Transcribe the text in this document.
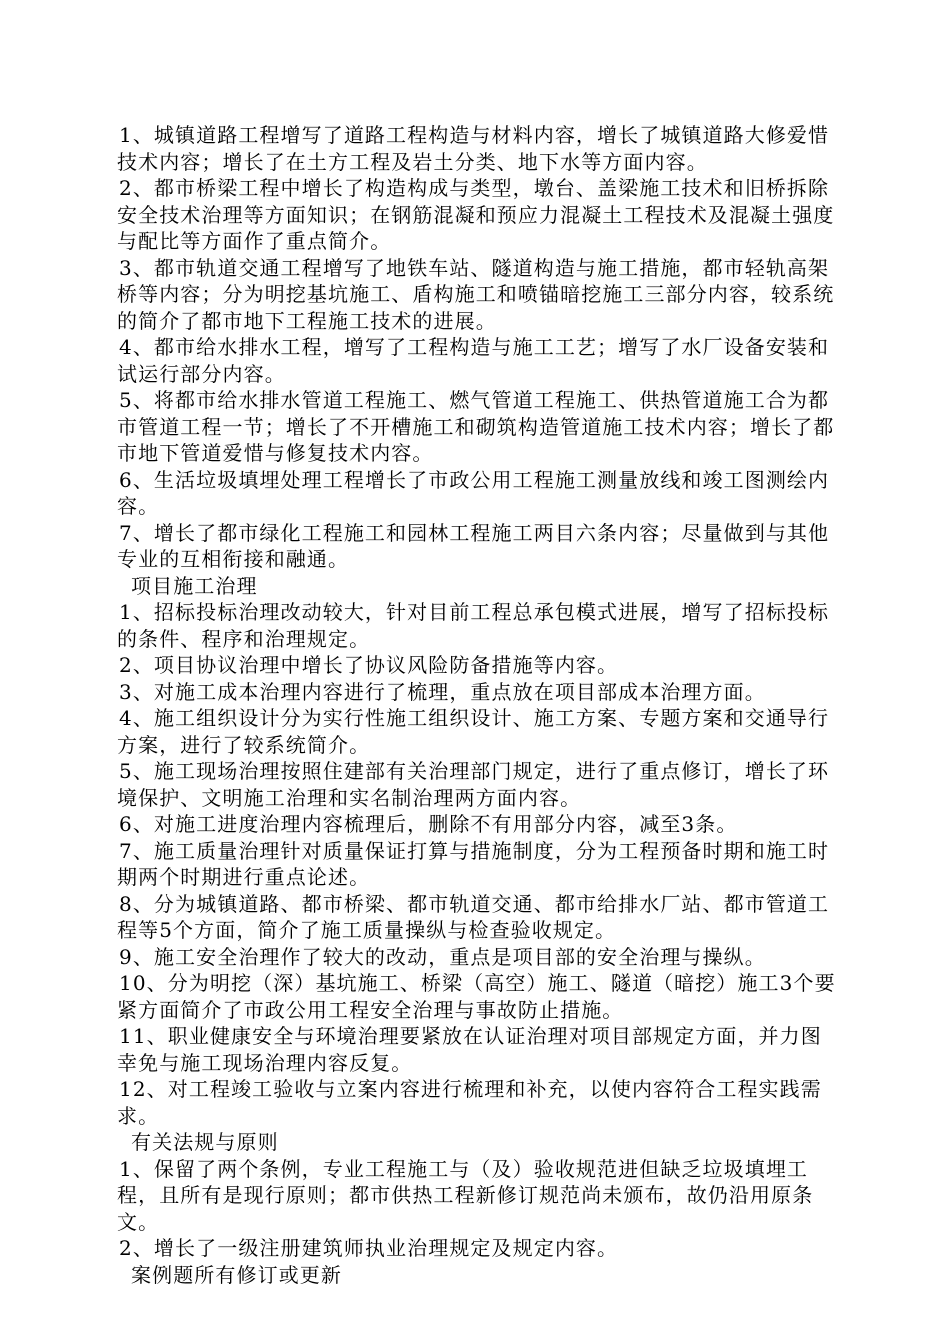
1、城镇道路工程增写了道路工程构造与材料内容，增长了城镇道路大修爱惜技术内容；增长了在土方工程及岩土分类、地下水等方面内容。

2、都市桥梁工程中增长了构造构成与类型，墩台、盖梁施工技术和旧桥拆除安全技术治理等方面知识；在钢筋混凝和预应力混凝土工程技术及混凝土强度与配比等方面作了重点简介。

3、都市轨道交通工程增写了地铁车站、隧道构造与施工措施，都市轻轨高架桥等内容；分为明挖基坑施工、盾构施工和喷锚暗挖施工三部分内容，较系统的简介了都市地下工程施工技术的进展。

4、都市给水排水工程，增写了工程构造与施工工艺；增写了水厂设备安装和试运行部分内容。

5、将都市给水排水管道工程施工、燃气管道工程施工、供热管道施工合为都市管道工程一节；增长了不开槽施工和砌筑构造管道施工技术内容；增长了都市地下管道爱惜与修复技术内容。

6、生活垃圾填埋处理工程增长了市政公用工程施工测量放线和竣工图测绘内容。

7、增长了都市绿化工程施工和园林工程施工两目六条内容；尽量做到与其他专业的互相衔接和融通。

项目施工治理

1、招标投标治理改动较大，针对目前工程总承包模式进展，增写了招标投标的条件、程序和治理规定。

2、项目协议治理中增长了协议风险防备措施等内容。

3、对施工成本治理内容进行了梳理，重点放在项目部成本治理方面。

4、施工组织设计分为实行性施工组织设计、施工方案、专题方案和交通导行方案，进行了较系统简介。

5、施工现场治理按照住建部有关治理部门规定，进行了重点修订，增长了环境保护、文明施工治理和实名制治理两方面内容。

6、对施工进度治理内容梳理后，删除不有用部分内容，减至3条。

7、施工质量治理针对质量保证打算与措施制度，分为工程预备时期和施工时期两个时期进行重点论述。

8、分为城镇道路、都市桥梁、都市轨道交通、都市给排水厂站、都市管道工程等5个方面，简介了施工质量操纵与检查验收规定。

9、施工安全治理作了较大的改动，重点是项目部的安全治理与操纵。

10、分为明挖（深）基坑施工、桥梁（高空）施工、隧道（暗挖）施工3个要紧方面简介了市政公用工程安全治理与事故防止措施。

11、职业健康安全与环境治理要紧放在认证治理对项目部规定方面，并力图幸免与施工现场治理内容反复。

12、对工程竣工验收与立案内容进行梳理和补充，以使内容符合工程实践需求。

有关法规与原则

1、保留了两个条例，专业工程施工与（及）验收规范进但缺乏垃圾填埋工程，且所有是现行原则；都市供热工程新修订规范尚未颁布，故仍沿用原条文。

2、增长了一级注册建筑师执业治理规定及规定内容。

案例题所有修订或更新
